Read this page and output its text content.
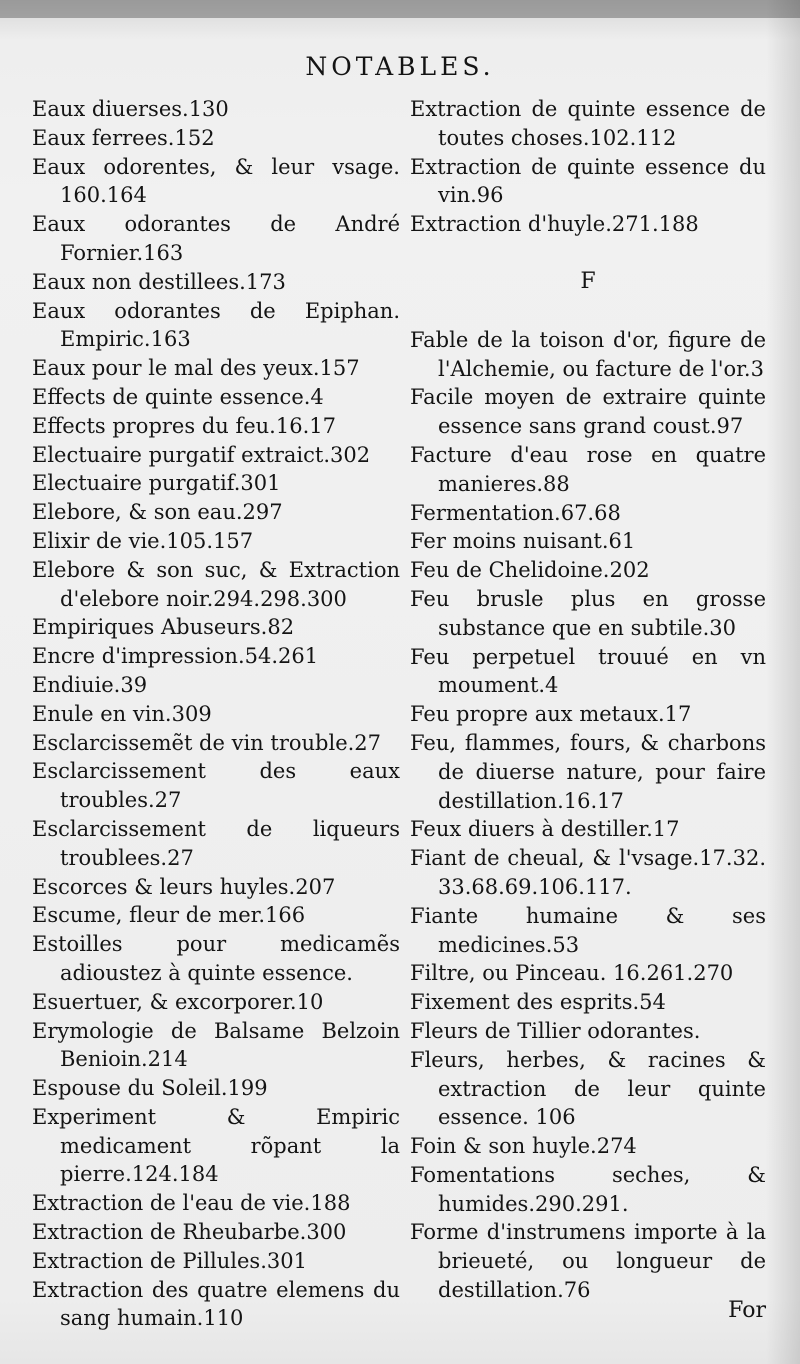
NOTABLES.
Eaux diuerses.130
Eaux ferrees.152
Eaux odorentes, & leur vsage. 160.164
Eaux odorantes de André Fornier.163
Eaux non destillees.173
Eaux odorantes de Epiphan. Empiric.163
Eaux pour le mal des yeux.157
Effects de quinte essence.4
Effects propres du feu.16.17
Electuaire purgatif extraict.302
Electuaire purgatif.301
Elebore, & son eau.297
Elixir de vie.105.157
Elebore & son suc, & Extraction d'elebore noir.294.298.300
Empiriques Abuseurs.82
Encre d'impression.54.261
Endiuie.39
Enule en vin.309
Esclarcissemẽt de vin trouble.27
Esclarcissement des eaux troubles.27
Esclarcissement de liqueurs troublees.27
Escorces & leurs huyles.207
Escume, fleur de mer.166
Estoilles pour medicamẽs adioustez à quinte essence.
Esuertuer, & excorporer.10
Erymologie de Balsame Belzoin Benioin.214
Espouse du Soleil.199
Experiment & Empiric medicament rõpant la pierre.124.184
Extraction de l'eau de vie.188
Extraction de Rheubarbe.300
Extraction de Pillules.301
Extraction des quatre elemens du sang humain.110
Extraction de quinte essence de toutes choses.102.112
Extraction de quinte essence du vin.96
Extraction d'huyle.271.188
F
Fable de la toison d'or, figure de l'Alchemie, ou facture de l'or.3
Facile moyen de extraire quinte essence sans grand coust.97
Facture d'eau rose en quatre manieres.88
Fermentation.67.68
Fer moins nuisant.61
Feu de Chelidoine.202
Feu brusle plus en grosse substance que en subtile.30
Feu perpetuel trouué en vn moument.4
Feu propre aux metaux.17
Feu, flammes, fours, & charbons de diuerse nature, pour faire destillation.16.17
Feux diuers à destiller.17
Fiant de cheual, & l'vsage.17.32. 33.68.69.106.117.
Fiante humaine & ses medicines.53
Filtre, ou Pinceau. 16.261.270
Fixement des esprits.54
Fleurs de Tillier odorantes.
Fleurs, herbes, & racines & extraction de leur quinte essence. 106
Foin & son huyle.274
Fomentations seches, & humides.290.291.
Forme d'instrumens importe à la brieueté, ou longueur de destillation.76
For
